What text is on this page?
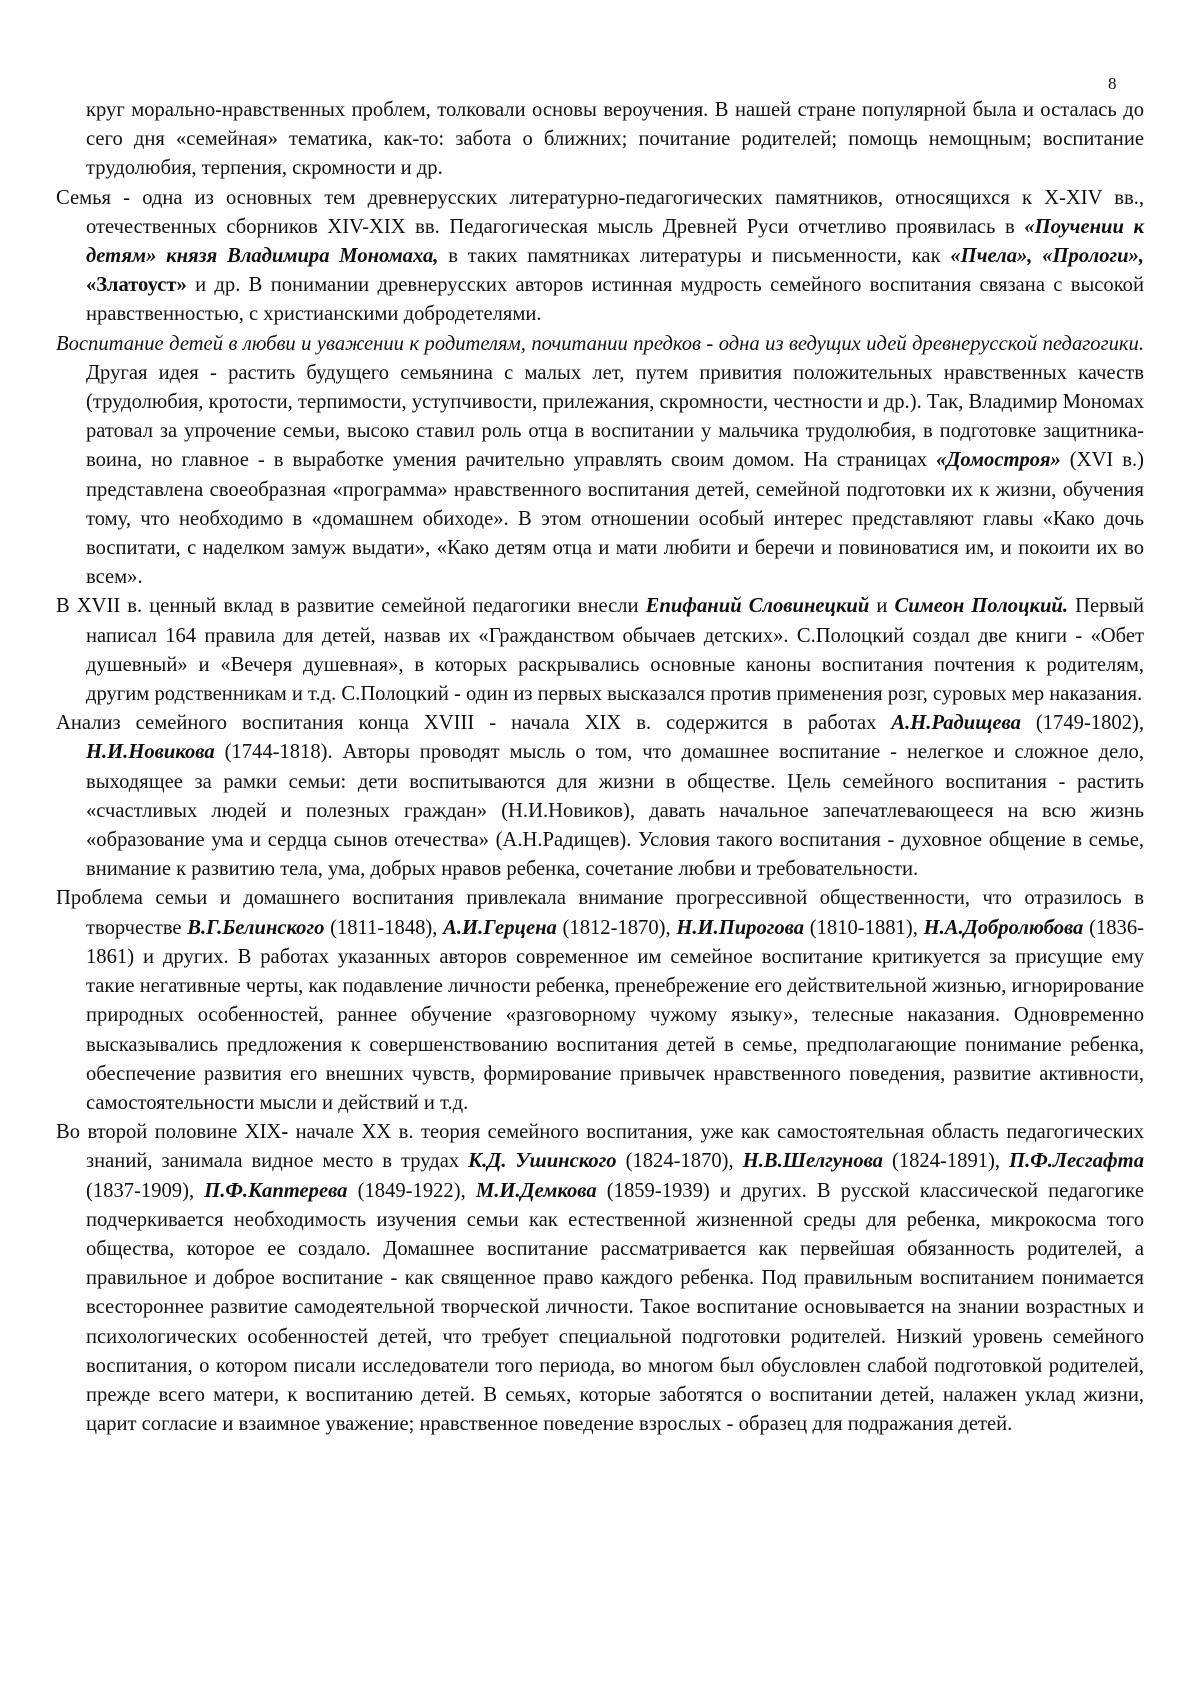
8

круг морально-нравственных проблем, толковали основы вероучения. В нашей стране популярной была и осталась до сего дня «семейная» тематика, как-то: забота о ближних; почитание родителей; помощь немощным; воспитание трудолюбия, терпения, скромности и др.

Семья - одна из основных тем древнерусских литературно-педагогических памятников, относящихся к X-XIV вв., отечественных сборников XIV-XIX вв. Педагогическая мысль Древней Руси отчетливо проявилась в «Поучении к детям» князя Владимира Мономаха, в таких памятниках литературы и письменности, как «Пчела», «Прологи», «Златоуст» и др. В понимании древнерусских авторов истинная мудрость семейного воспитания связана с высокой нравственностью, с христианскими добродетелями.

Воспитание детей в любви и уважении к родителям, почитании предков - одна из ведущих идей древнерусской педагогики. Другая идея - растить будущего семьянина с малых лет, путем привития положительных нравственных качеств (трудолюбия, кротости, терпимости, уступчивости, прилежания, скромности, честности и др.). Так, Владимир Мономах ратовал за упрочение семьи, высоко ставил роль отца в воспитании у мальчика трудолюбия, в подготовке защитника-воина, но главное - в выработке умения рачительно управлять своим домом. На страницах «Домостроя» (XVI в.) представлена своеобразная «программа» нравственного воспитания детей, семейной подготовки их к жизни, обучения тому, что необходимо в «домашнем обиходе». В этом отношении особый интерес представляют главы «Како дочь воспитати, с наделком замуж выдати», «Како детям отца и мати любити и беречи и повиноватися им, и покоити их во всем».

В XVII в. ценный вклад в развитие семейной педагогики внесли Епифаний Словинецкий и Симеон Полоцкий. Первый написал 164 правила для детей, назвав их «Гражданством обычаев детских». С.Полоцкий создал две книги - «Обет душевный» и «Вечеря душевная», в которых раскрывались основные каноны воспитания почтения к родителям, другим родственникам и т.д. С.Полоцкий - один из первых высказался против применения розг, суровых мер наказания.

Анализ семейного воспитания конца XVIII - начала XIX в. содержится в работах А.Н.Радищева (1749-1802), Н.И.Новикова (1744-1818). Авторы проводят мысль о том, что домашнее воспитание - нелегкое и сложное дело, выходящее за рамки семьи: дети воспитываются для жизни в обществе. Цель семейного воспитания - растить «счастливых людей и полезных граждан» (Н.И.Новиков), давать начальное запечатлевающееся на всю жизнь «образование ума и сердца сынов отечества» (А.Н.Радищев). Условия такого воспитания - духовное общение в семье, внимание к развитию тела, ума, добрых нравов ребенка, сочетание любви и требовательности.

Проблема семьи и домашнего воспитания привлекала внимание прогрессивной общественности, что отразилось в творчестве В.Г.Белинского (1811-1848), А.И.Герцена (1812-1870), Н.И.Пирогова (1810-1881), Н.А.Добролюбова (1836-1861) и других. В работах указанных авторов современное им семейное воспитание критикуется за присущие ему такие негативные черты, как подавление личности ребенка, пренебрежение его действительной жизнью, игнорирование природных особенностей, раннее обучение «разговорному чужому языку», телесные наказания. Одновременно высказывались предложения к совершенствованию воспитания детей в семье, предполагающие понимание ребенка, обеспечение развития его внешних чувств, формирование привычек нравственного поведения, развитие активности, самостоятельности мысли и действий и т.д.

Во второй половине XIX- начале XX в. теория семейного воспитания, уже как самостоятельная область педагогических знаний, занимала видное место в трудах К.Д. Ушинского (1824-1870), Н.В.Шелгунова (1824-1891), П.Ф.Лесгафта (1837-1909), П.Ф.Каптерева (1849-1922), М.И.Демкова (1859-1939) и других. В русской классической педагогике подчеркивается необходимость изучения семьи как естественной жизненной среды для ребенка, микрокосма того общества, которое ее создало. Домашнее воспитание рассматривается как первейшая обязанность родителей, а правильное и доброе воспитание - как священное право каждого ребенка. Под правильным воспитанием понимается всестороннее развитие самодеятельной творческой личности. Такое воспитание основывается на знании возрастных и психологических особенностей детей, что требует специальной подготовки родителей. Низкий уровень семейного воспитания, о котором писали исследователи того периода, во многом был обусловлен слабой подготовкой родителей, прежде всего матери, к воспитанию детей. В семьях, которые заботятся о воспитании детей, налажен уклад жизни, царит согласие и взаимное уважение; нравственное поведение взрослых - образец для подражания детей.
